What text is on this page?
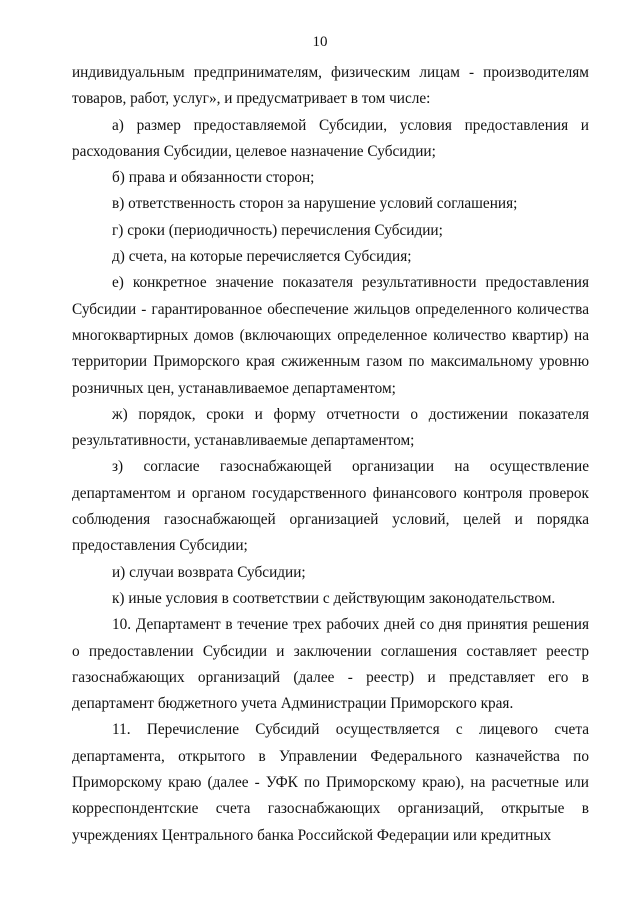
10

индивидуальным предпринимателям, физическим лицам - производителям товаров, работ, услуг», и предусматривает в том числе:

а) размер предоставляемой Субсидии, условия предоставления и расходования Субсидии, целевое назначение Субсидии;

б) права и обязанности сторон;

в) ответственность сторон за нарушение условий соглашения;

г) сроки (периодичность) перечисления Субсидии;

д) счета, на которые перечисляется Субсидия;

е) конкретное значение показателя результативности предоставления Субсидии - гарантированное обеспечение жильцов определенного количества многоквартирных домов (включающих определенное количество квартир) на территории Приморского края сжиженным газом по максимальному уровню розничных цен, устанавливаемое департаментом;

ж) порядок, сроки и форму отчетности о достижении показателя результативности, устанавливаемые департаментом;

з) согласие газоснабжающей организации на осуществление департаментом и органом государственного финансового контроля проверок соблюдения газоснабжающей организацией условий, целей и порядка предоставления Субсидии;

и) случаи возврата Субсидии;

к) иные условия в соответствии с действующим законодательством.

10. Департамент в течение трех рабочих дней со дня принятия решения о предоставлении Субсидии и заключении соглашения составляет реестр газоснабжающих организаций (далее - реестр) и представляет его в департамент бюджетного учета Администрации Приморского края.

11. Перечисление Субсидий осуществляется с лицевого счета департамента, открытого в Управлении Федерального казначейства по Приморскому краю (далее - УФК по Приморскому краю), на расчетные или корреспондентские счета газоснабжающих организаций, открытые в учреждениях Центрального банка Российской Федерации или кредитных
